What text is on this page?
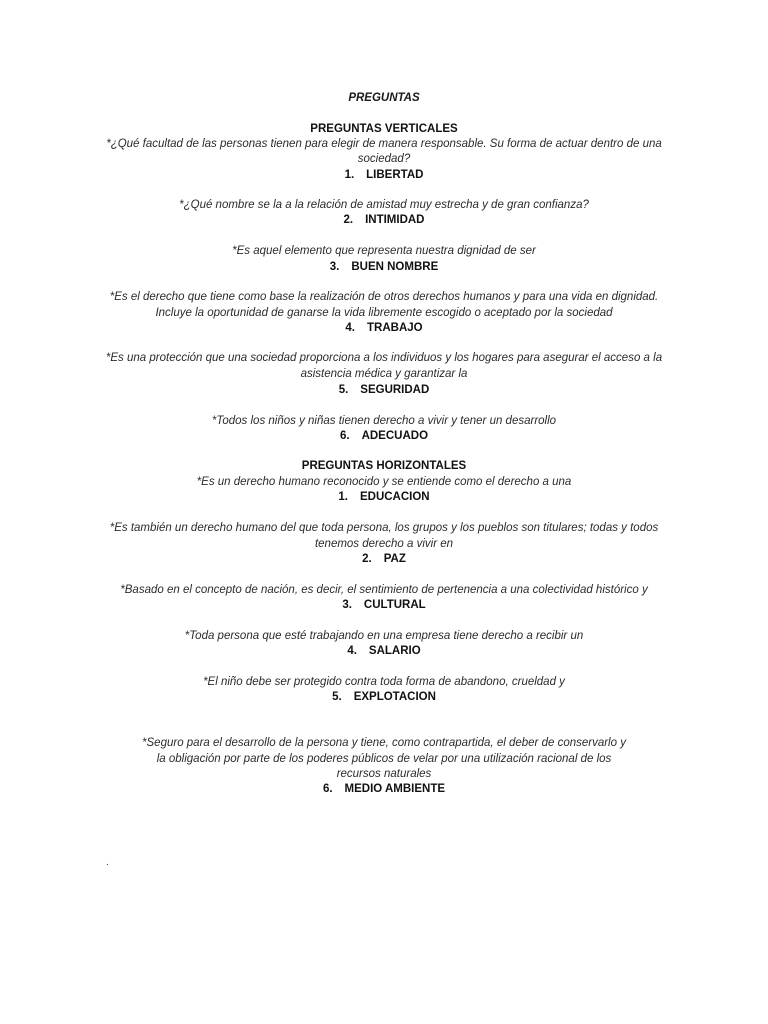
PREGUNTAS
PREGUNTAS VERTICALES
*¿Qué facultad de las personas tienen para elegir de manera responsable. Su forma de actuar dentro de una
sociedad?
1. LIBERTAD
*¿Qué nombre se la a la relación de amistad muy estrecha y de gran confianza?
2. INTIMIDAD
*Es aquel elemento que representa nuestra dignidad de ser
3. BUEN NOMBRE
*Es el derecho que tiene como base la realización de otros derechos humanos y para una vida en dignidad.
Incluye la oportunidad de ganarse la vida libremente escogido o aceptado por la sociedad
4. TRABAJO
*Es una protección que una sociedad proporciona a los individuos y los hogares para asegurar el acceso a la
asistencia médica y garantizar la
5. SEGURIDAD
*Todos los niños y niñas tienen derecho a vivir y tener un desarrollo
6. ADECUADO
PREGUNTAS HORIZONTALES
*Es un derecho humano reconocido y se entiende como el derecho a una
1. EDUCACION
*Es también un derecho humano del que toda persona, los grupos y los pueblos son titulares; todas y todos
tenemos derecho a vivir en
2. PAZ
*Basado en el concepto de nación, es decir, el sentimiento de pertenencia a una colectividad histórico y
3. CULTURAL
*Toda persona que esté trabajando en una empresa tiene derecho a recibir un
4. SALARIO
*El niño debe ser protegido contra toda forma de abandono, crueldad y
5. EXPLOTACION
*Seguro para el desarrollo de la persona y tiene, como contrapartida, el deber de conservarlo y
la obligación por parte de los poderes públicos de velar por una utilización racional de los
recursos naturales
6. MEDIO AMBIENTE
.
